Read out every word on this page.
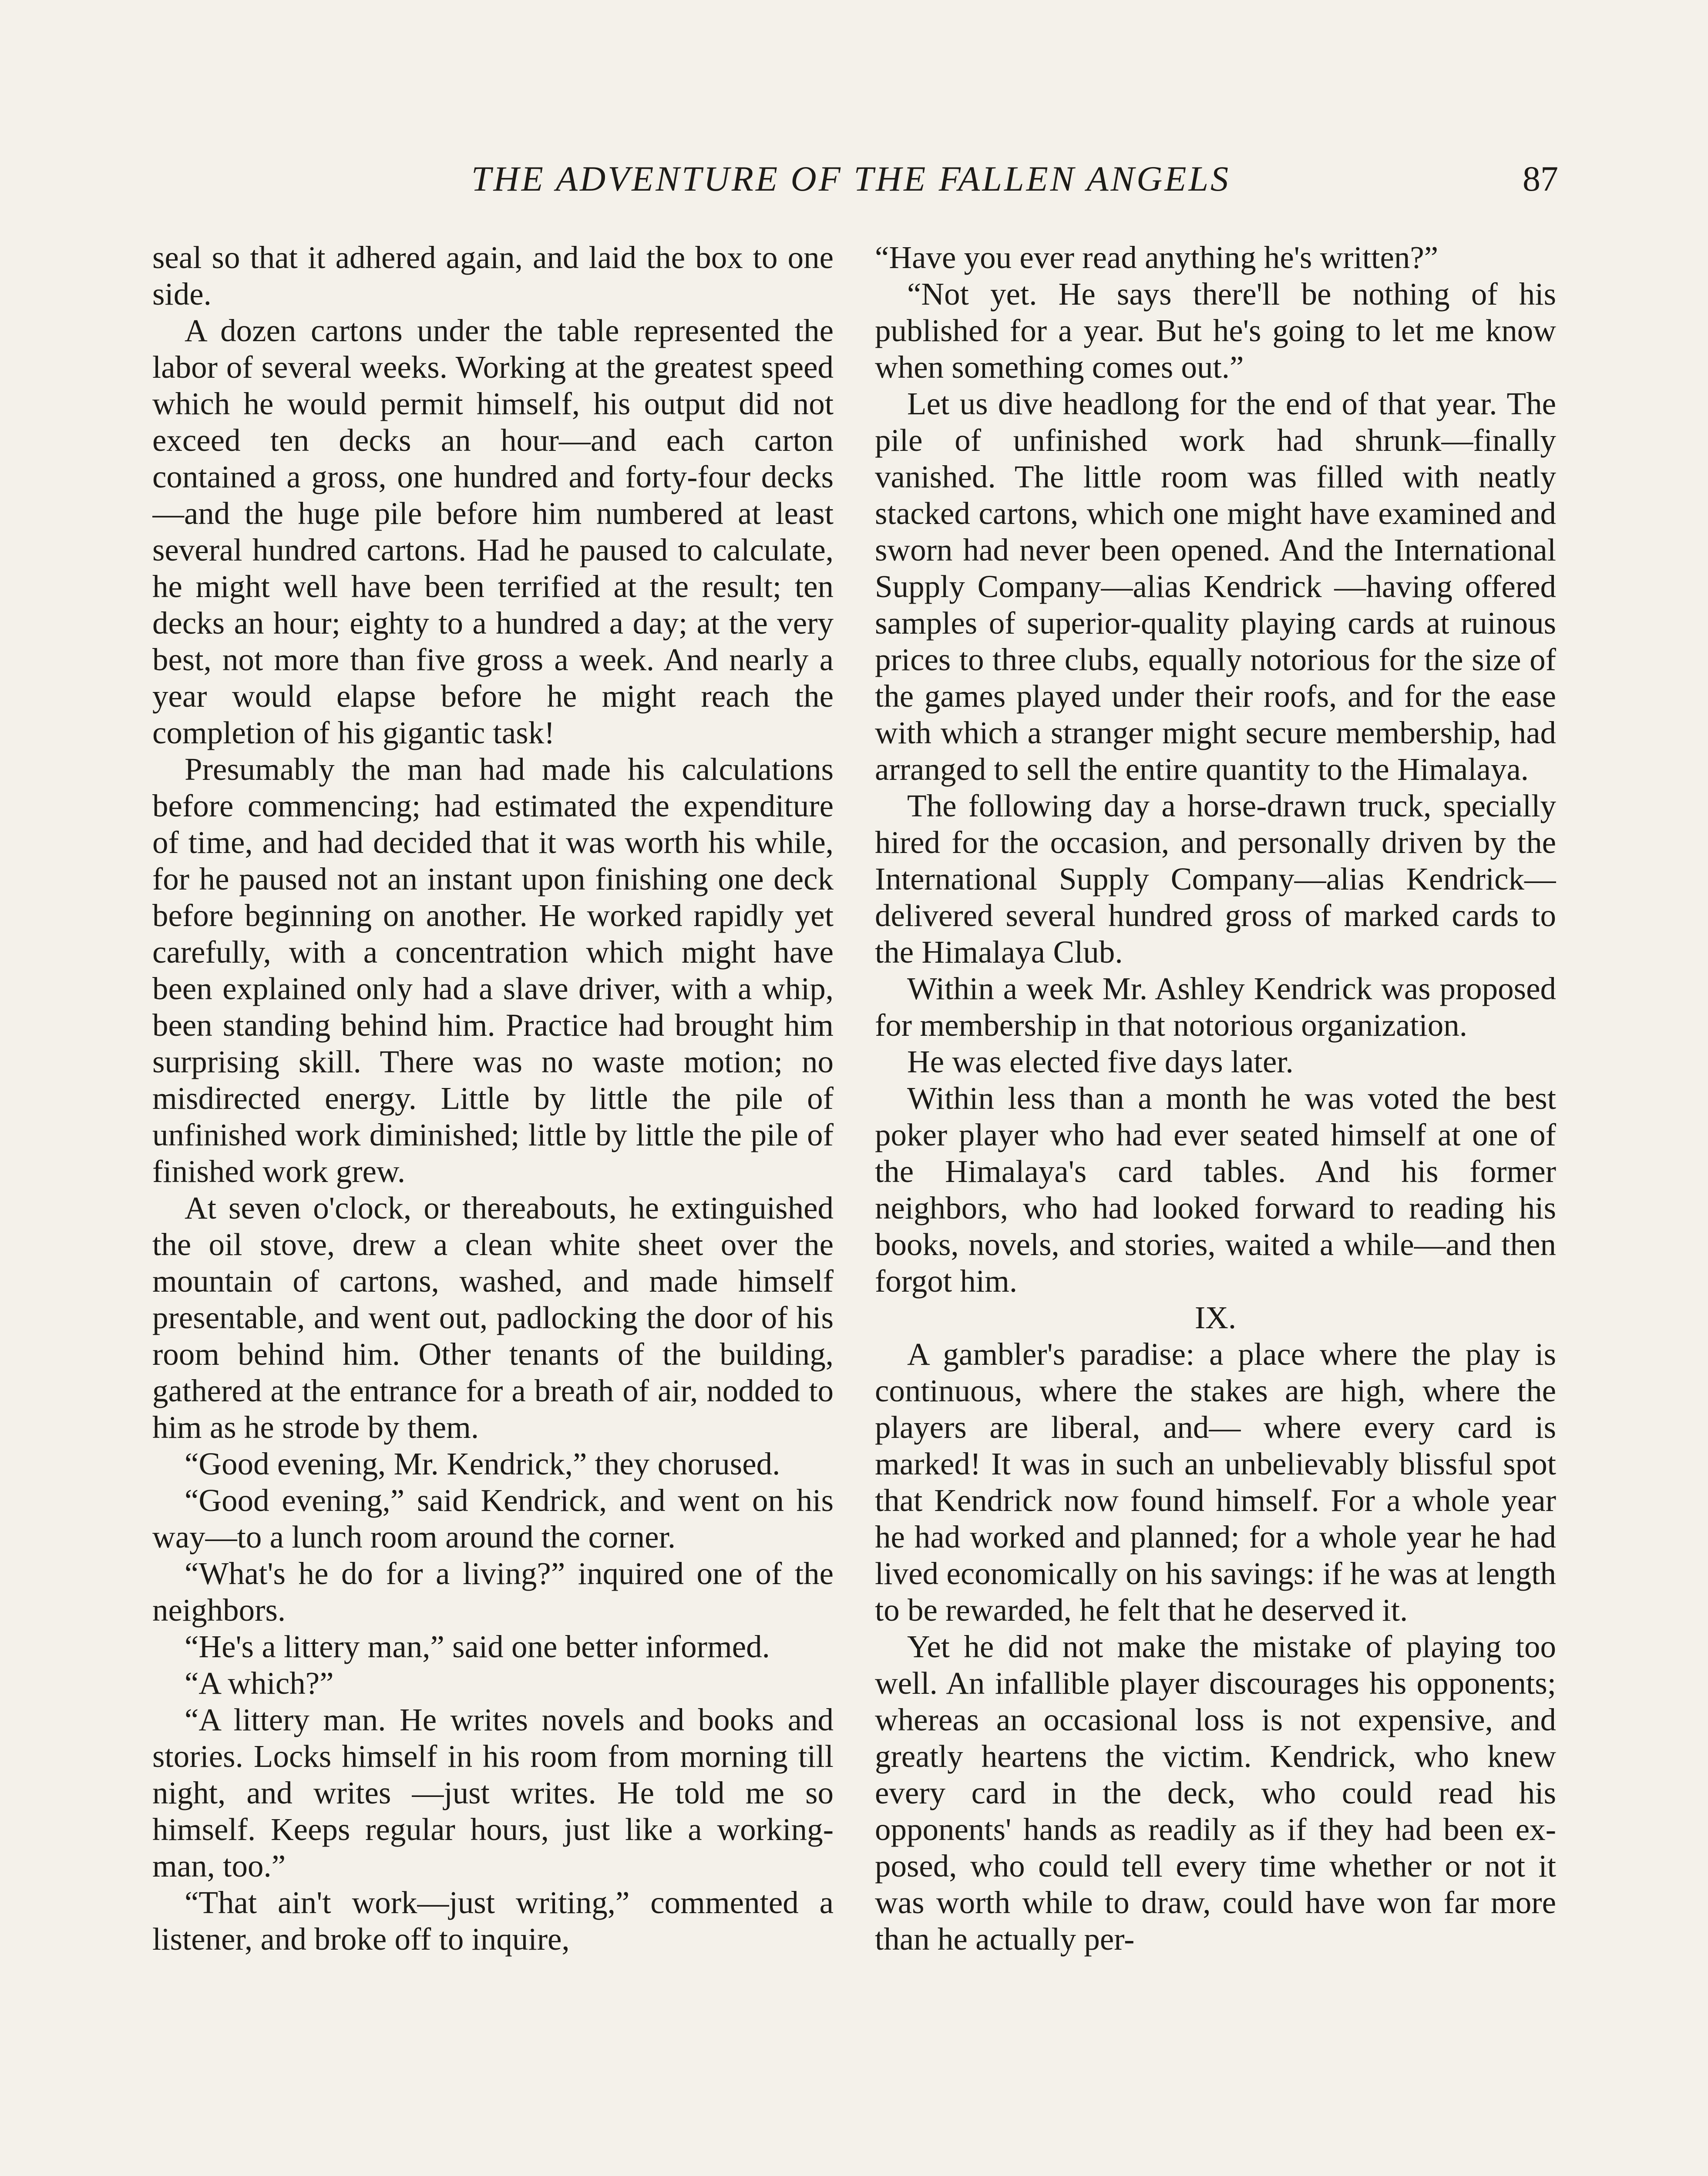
THE ADVENTURE OF THE FALLEN ANGELS	87

seal so that it adhered again, and laid the box to one side.

A dozen cartons under the table represented the labor of several weeks. Working at the greatest speed which he would permit himself, his output did not exceed ten decks an hour—and each carton contained a gross, one hundred and forty-four decks —and the huge pile before him numbered at least several hundred cartons. Had he paused to calculate, he might well have been terrified at the result; ten decks an hour; eighty to a hundred a day; at the very best, not more than five gross a week. And nearly a year would elapse before he might reach the completion of his gigantic task!

Presumably the man had made his calculations before commencing; had estimated the expenditure of time, and had decided that it was worth his while, for he paused not an instant upon finishing one deck before beginning on another. He worked rapidly yet carefully, with a concentration which might have been explained only had a slave driver, with a whip, been standing behind him. Practice had brought him surprising skill. There was no waste motion; no misdirected energy. Little by little the pile of unfinished work diminished; little by little the pile of finished work grew.

At seven o'clock, or thereabouts, he extinguished the oil stove, drew a clean white sheet over the mountain of cartons, washed, and made himself presentable, and went out, padlocking the door of his room behind him. Other tenants of the building, gathered at the entrance for a breath of air, nodded to him as he strode by them.

“Good evening, Mr. Kendrick,” they chorused.

“Good evening,” said Kendrick, and went on his way—to a lunch room around the corner.

“What's he do for a living?” inquired one of the neighbors.

“He's a littery man,” said one better informed.

“A which?”

“A littery man. He writes novels and books and stories. Locks himself in his room from morning till night, and writes —just writes. He told me so himself. Keeps regular hours, just like a workingman, too.”

“That ain't work—just writing,” commented a listener, and broke off to inquire,

“Have you ever read anything he's written?”

“Not yet. He says there'll be nothing of his published for a year. But he's going to let me know when something comes out.”

Let us dive headlong for the end of that year. The pile of unfinished work had shrunk—finally vanished. The little room was filled with neatly stacked cartons, which one might have examined and sworn had never been opened. And the International Supply Company—alias Kendrick —having offered samples of superior-quality playing cards at ruinous prices to three clubs, equally notorious for the size of the games played under their roofs, and for the ease with which a stranger might secure membership, had arranged to sell the entire quantity to the Himalaya.

The following day a horse-drawn truck, specially hired for the occasion, and personally driven by the International Supply Company—alias Kendrick—delivered several hundred gross of marked cards to the Himalaya Club.

Within a week Mr. Ashley Kendrick was proposed for membership in that notorious organization.

He was elected five days later.

Within less than a month he was voted the best poker player who had ever seated himself at one of the Himalaya's card tables. And his former neighbors, who had looked forward to reading his books, novels, and stories, waited a while—and then forgot him.

IX.

A gambler's paradise: a place where the play is continuous, where the stakes are high, where the players are liberal, and— where every card is marked! It was in such an unbelievably blissful spot that Kendrick now found himself. For a whole year he had worked and planned; for a whole year he had lived economically on his savings: if he was at length to be rewarded, he felt that he deserved it.

Yet he did not make the mistake of playing too well. An infallible player discourages his opponents; whereas an occasional loss is not expensive, and greatly heartens the victim. Kendrick, who knew every card in the deck, who could read his opponents' hands as readily as if they had been exposed, who could tell every time whether or not it was worth while to draw, could have won far more than he actually per-
